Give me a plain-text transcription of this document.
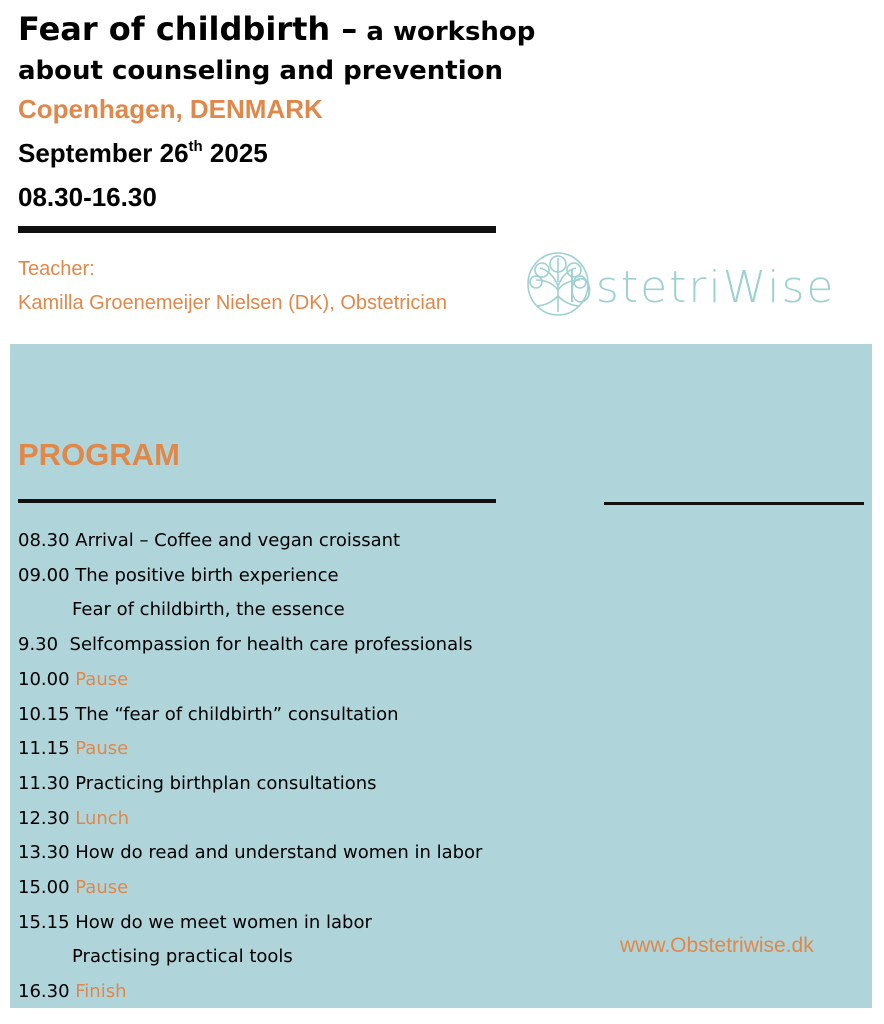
Fear of childbirth – a workshop
about counseling and prevention
Copenhagen, DENMARK
September 26th 2025
08.30-16.30
Teacher:
Kamilla Groenemeijer Nielsen (DK), Obstetrician	bstetriWise
PROGRAM
08.30 Arrival – Coffee and vegan croissant
09.00 The positive birth experience
Fear of childbirth, the essence
9.30  Selfcompassion for health care professionals
10.00 Pause
10.15 The “fear of childbirth” consultation
11.15 Pause
11.30 Practicing birthplan consultations
12.30 Lunch
13.30 How do read and understand women in labor
15.00 Pause
15.15 How do we meet women in labor
Practising practical tools
16.30 Finish
www.Obstetriwise.dk
